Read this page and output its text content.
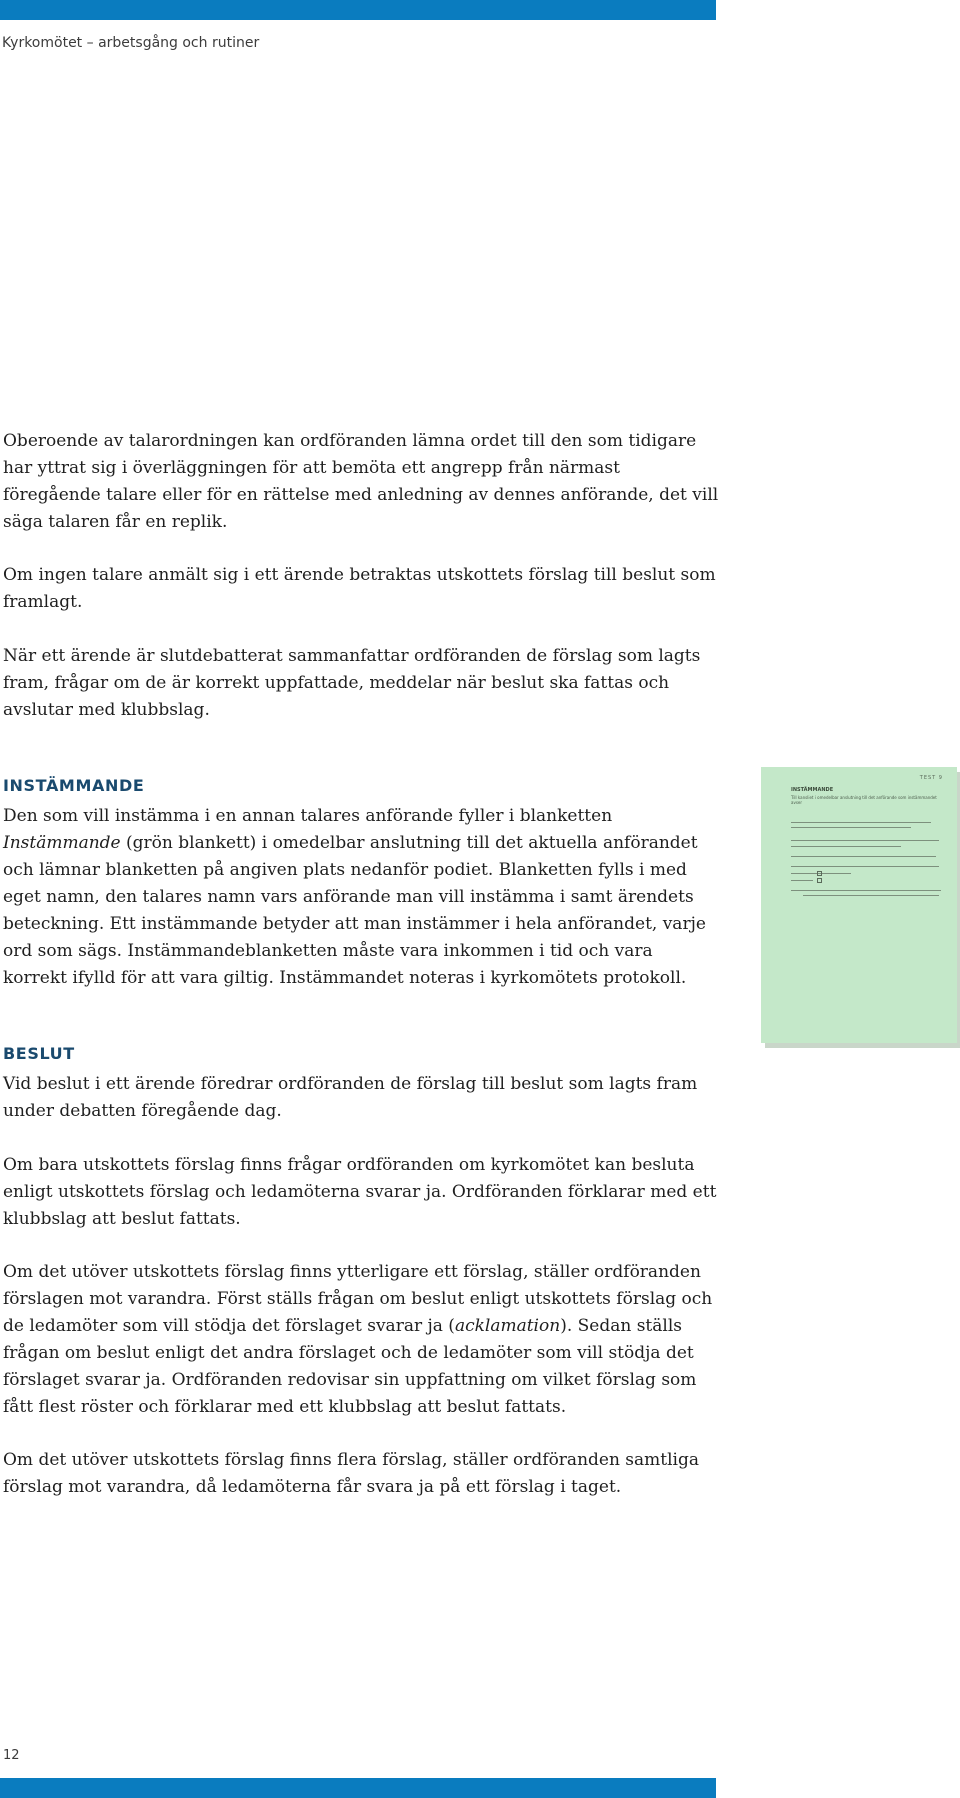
Kyrkomötet – arbetsgång och rutiner

Oberoende av talarordningen kan ordföranden lämna ordet till den som tidigare har yttrat sig i överläggningen för att bemöta ett angrepp från närmast föregående talare eller för en rättelse med anledning av dennes anförande, det vill säga talaren får en replik.

Om ingen talare anmält sig i ett ärende betraktas utskottets förslag till beslut som framlagt.

När ett ärende är slutdebatterat sammanfattar ordföranden de förslag som lagts fram, frågar om de är korrekt uppfattade, meddelar när beslut ska fattas och avslutar med klubbslag.

INSTÄMMANDE

Den som vill instämma i en annan talares anförande fyller i blanketten Instämmande (grön blankett) i omedelbar anslutning till det aktuella anförandet och lämnar blanketten på angiven plats nedanför podiet. Blanketten fylls i med eget namn, den talares namn vars anförande man vill instämma i samt ärendets beteckning. Ett instämmande betyder att man instämmer i hela anförandet, varje ord som sägs. Instämmandeblanketten måste vara inkommen i tid och vara korrekt ifylld för att vara giltig. Instämmandet noteras i kyrkomötets protokoll.

TEST 9
INSTÄMMANDE
Till kansliet i omedelbar anslutning till det anförande som instämmandet avser
BESLUT

Vid beslut i ett ärende föredrar ordföranden de förslag till beslut som lagts fram under debatten föregående dag.

Om bara utskottets förslag finns frågar ordföranden om kyrkomötet kan besluta enligt utskottets förslag och ledamöterna svarar ja. Ordföranden förklarar med ett klubbslag att beslut fattats.

Om det utöver utskottets förslag finns ytterligare ett förslag, ställer ordföranden förslagen mot varandra. Först ställs frågan om beslut enligt utskottets förslag och de ledamöter som vill stödja det förslaget svarar ja (acklamation). Sedan ställs frågan om beslut enligt det andra förslaget och de ledamöter som vill stödja det förslaget svarar ja. Ordföranden redovisar sin uppfattning om vilket förslag som fått flest röster och förklarar med ett klubbslag att beslut fattats.

Om det utöver utskottets förslag finns flera förslag, ställer ordföranden samtliga förslag mot varandra, då ledamöterna får svara ja på ett förslag i taget.

12
